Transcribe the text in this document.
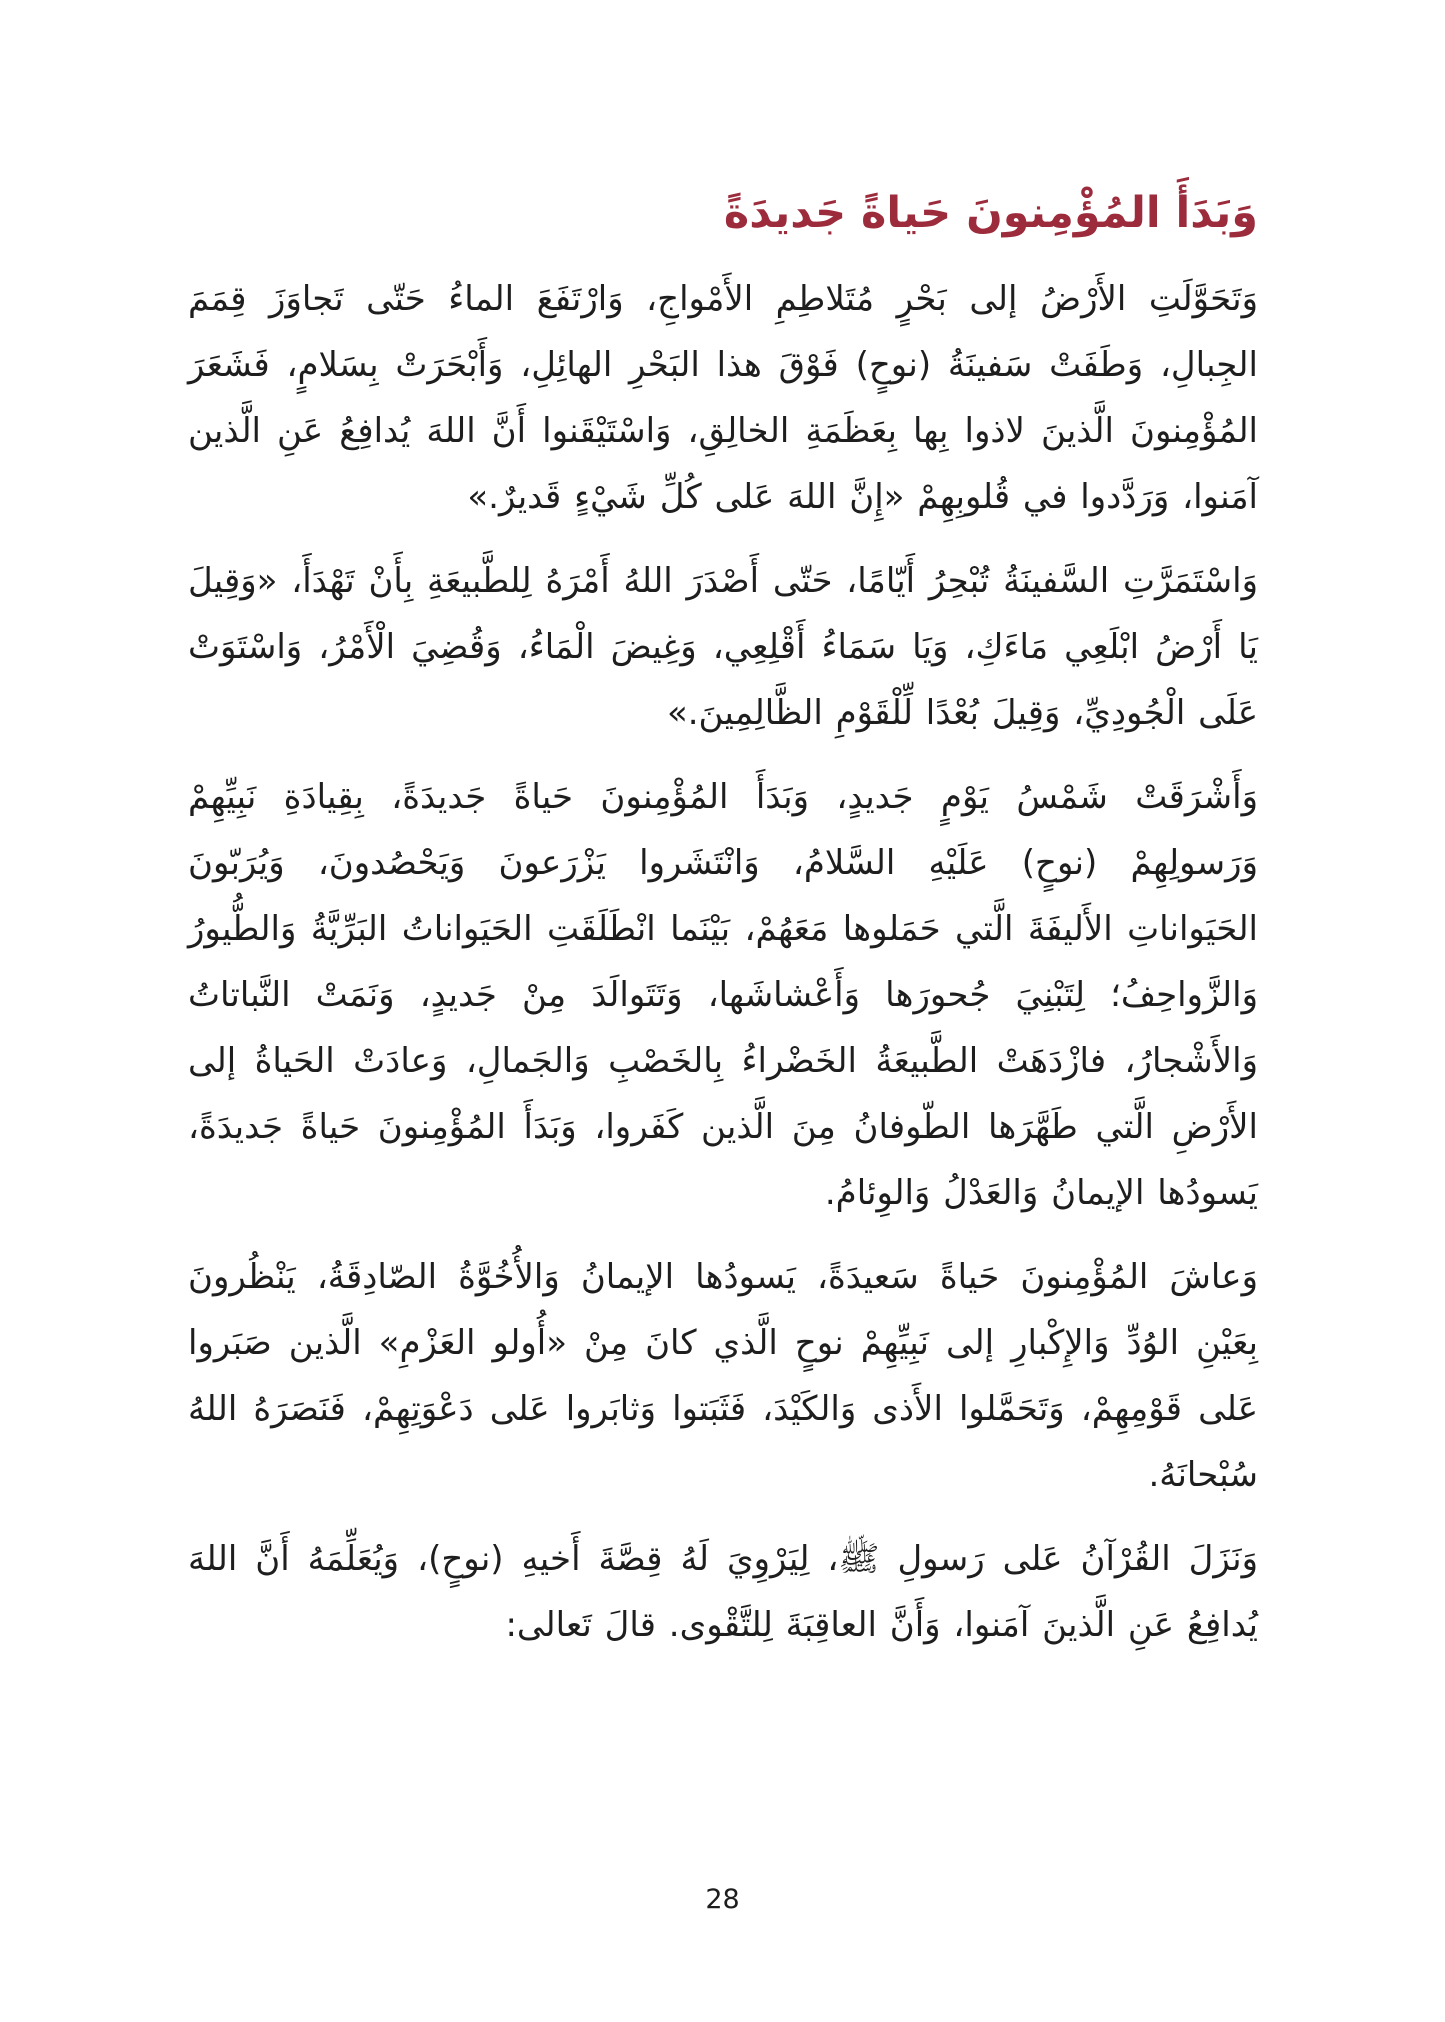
وَبَدَأَ المُؤْمِنونَ حَياةً جَديدَةً

وَتَحَوَّلَتِ الأَرْضُ إلى بَحْرٍ مُتَلاطِمِ الأَمْواجِ، وَارْتَفَعَ الماءُ حَتّى تَجاوَزَ قِمَمَ الجِبالِ، وَطَفَتْ سَفينَةُ (نوحٍ) فَوْقَ هذا البَحْرِ الهائِلِ، وَأَبْحَرَتْ بِسَلامٍ، فَشَعَرَ المُؤْمِنونَ الَّذينَ لاذوا بِها بِعَظَمَةِ الخالِقِ، وَاسْتَيْقَنوا أَنَّ اللهَ يُدافِعُ عَنِ الَّذين آمَنوا، وَرَدَّدوا في قُلوبِهِمْ «إِنَّ اللهَ عَلى كُلِّ شَيْءٍ قَديرٌ.»

وَاسْتَمَرَّتِ السَّفينَةُ تُبْحِرُ أَيّامًا، حَتّى أَصْدَرَ اللهُ أَمْرَهُ لِلطَّبيعَةِ بِأَنْ تَهْدَأَ، «وَقِيلَ يَا أَرْضُ ابْلَعِي مَاءَكِ، وَيَا سَمَاءُ أَقْلِعِي، وَغِيضَ الْمَاءُ، وَقُضِيَ الْأَمْرُ، وَاسْتَوَتْ عَلَى الْجُودِيِّ، وَقِيلَ بُعْدًا لِّلْقَوْمِ الظَّالِمِينَ.»

وَأَشْرَقَتْ شَمْسُ يَوْمٍ جَديدٍ، وَبَدَأَ المُؤْمِنونَ حَياةً جَديدَةً، بِقِيادَةِ نَبِيِّهِمْ وَرَسولِهِمْ (نوحٍ) عَلَيْهِ السَّلامُ، وَانْتَشَروا يَزْرَعونَ وَيَحْصُدونَ، وَيُرَبّونَ الحَيَواناتِ الأَليفَةَ الَّتي حَمَلوها مَعَهُمْ، بَيْنَما انْطَلَقَتِ الحَيَواناتُ البَرِّيَّةُ وَالطُّيورُ وَالزَّواحِفُ؛ لِتَبْنِيَ جُحورَها وَأَعْشاشَها، وَتَتَوالَدَ مِنْ جَديدٍ، وَنَمَتْ النَّباتاتُ وَالأَشْجارُ، فازْدَهَتْ الطَّبيعَةُ الخَضْراءُ بِالخَصْبِ وَالجَمالِ، وَعادَتْ الحَياةُ إلى الأَرْضِ الَّتي طَهَّرَها الطّوفانُ مِنَ الَّذين كَفَروا، وَبَدَأَ المُؤْمِنونَ حَياةً جَديدَةً، يَسودُها الإيمانُ وَالعَدْلُ وَالوِئامُ.

وَعاشَ المُؤْمِنونَ حَياةً سَعيدَةً، يَسودُها الإيمانُ وَالأُخُوَّةُ الصّادِقَةُ، يَنْظُرونَ بِعَيْنِ الوُدِّ وَالإِكْبارِ إلى نَبِيِّهِمْ نوحٍ الَّذي كانَ مِنْ «أُولو العَزْمِ» الَّذين صَبَروا عَلى قَوْمِهِمْ، وَتَحَمَّلوا الأَذى وَالكَيْدَ، فَثَبَتوا وَثابَروا عَلى دَعْوَتِهِمْ، فَنَصَرَهُ اللهُ سُبْحانَهُ.

وَنَزَلَ القُرْآنُ عَلى رَسولِ ﷺ، لِيَرْوِيَ لَهُ قِصَّةَ أَخيهِ (نوحٍ)، وَيُعَلِّمَهُ أَنَّ اللهَ يُدافِعُ عَنِ الَّذينَ آمَنوا، وَأَنَّ العاقِبَةَ لِلتَّقْوى. قالَ تَعالى:

28
